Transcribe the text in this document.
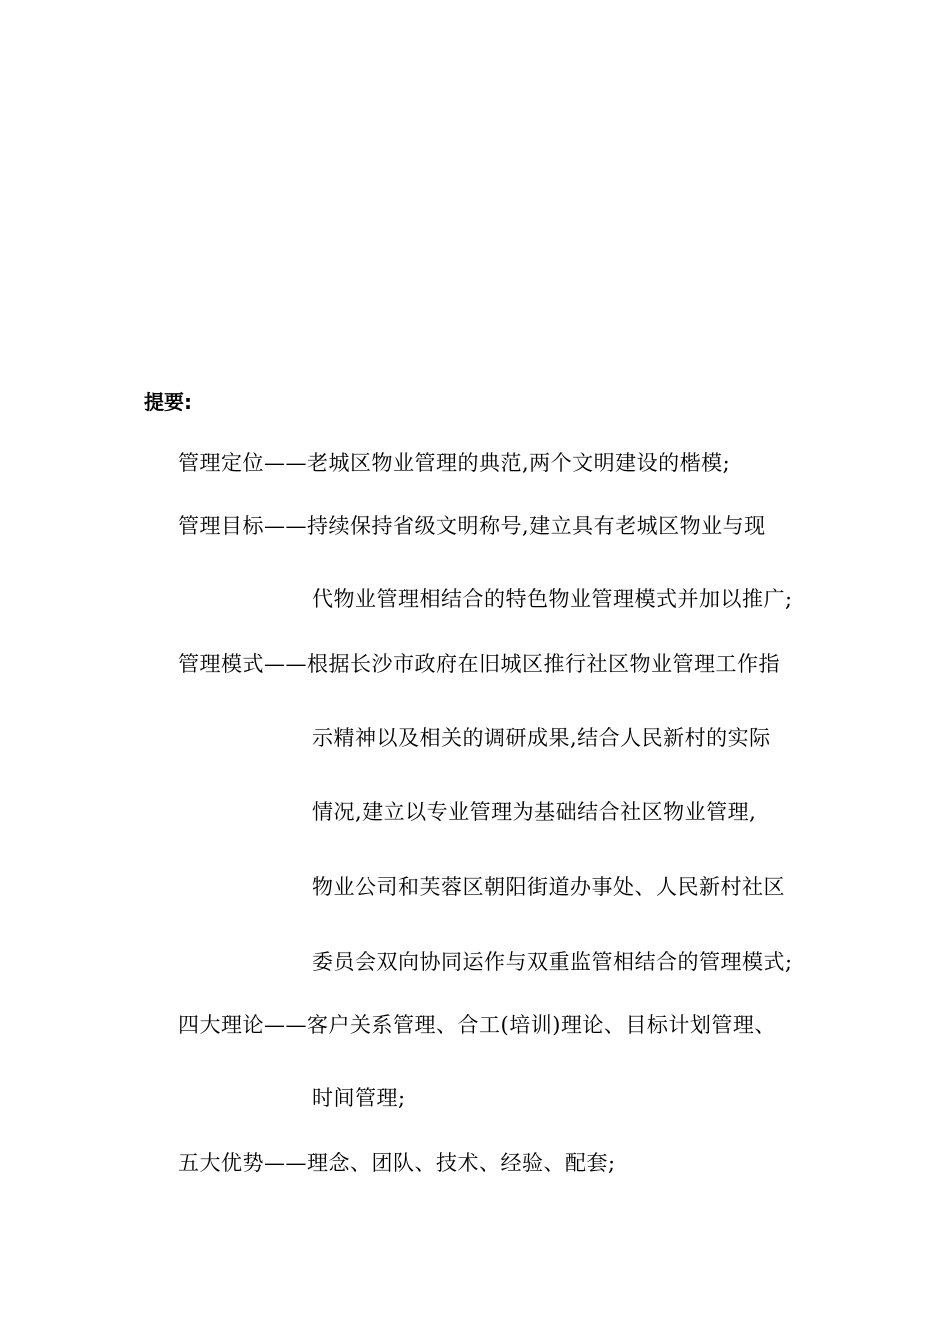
提要:
管理定位——老城区物业管理的典范,两个文明建设的楷模;
管理目标——持续保持省级文明称号,建立具有老城区物业与现
代物业管理相结合的特色物业管理模式并加以推广;
管理模式——根据长沙市政府在旧城区推行社区物业管理工作指
示精神以及相关的调研成果,结合人民新村的实际
情况,建立以专业管理为基础结合社区物业管理,
物业公司和芙蓉区朝阳街道办事处、人民新村社区
委员会双向协同运作与双重监管相结合的管理模式;
四大理论——客户关系管理、合工(培训)理论、目标计划管理、
时间管理;
五大优势——理念、团队、技术、经验、配套;
